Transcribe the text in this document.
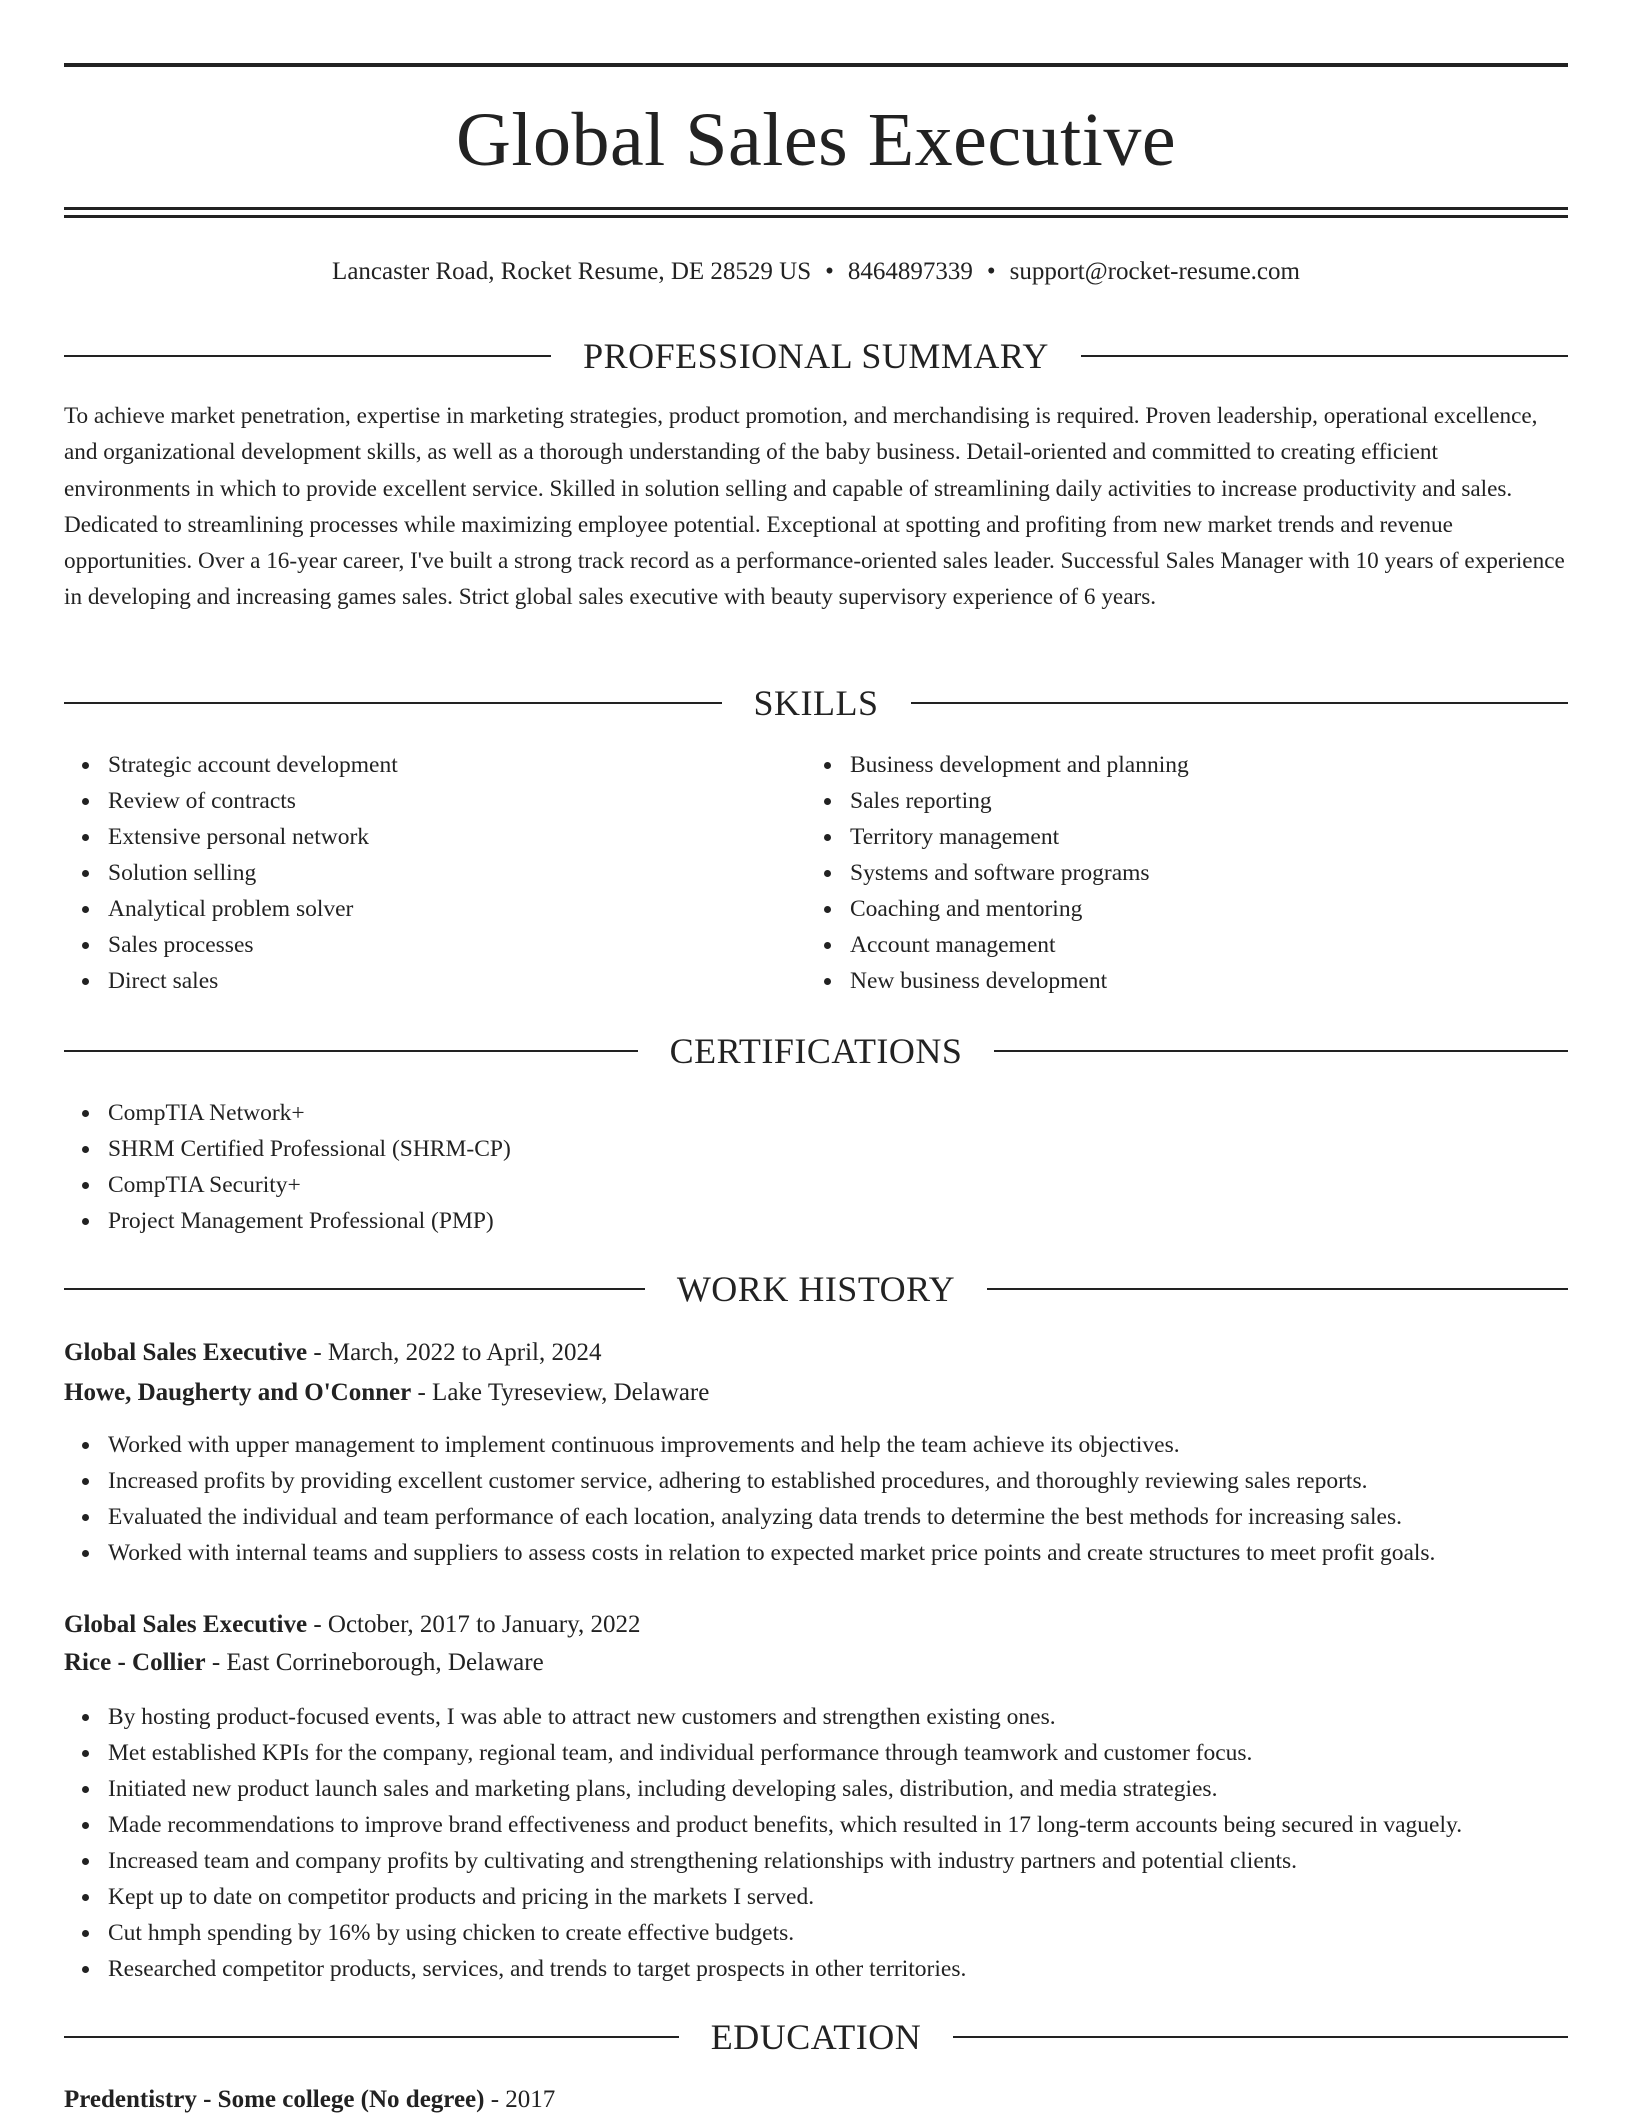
Global Sales Executive
Lancaster Road, Rocket Resume, DE 28529 US • 8464897339 • support@rocket-resume.com
PROFESSIONAL SUMMARY

To achieve market penetration, expertise in marketing strategies, product promotion, and merchandising is required. Proven leadership, operational excellence, and organizational development skills, as well as a thorough understanding of the baby business. Detail-oriented and committed to creating efficient environments in which to provide excellent service. Skilled in solution selling and capable of streamlining daily activities to increase productivity and sales. Dedicated to streamlining processes while maximizing employee potential. Exceptional at spotting and profiting from new market trends and revenue opportunities. Over a 16-year career, I've built a strong track record as a performance-oriented sales leader. Successful Sales Manager with 10 years of experience in developing and increasing games sales. Strict global sales executive with beauty supervisory experience of 6 years.

SKILLS
Strategic account development
Review of contracts
Extensive personal network
Solution selling
Analytical problem solver
Sales processes
Direct sales
Business development and planning
Sales reporting
Territory management
Systems and software programs
Coaching and mentoring
Account management
New business development
CERTIFICATIONS
CompTIA Network+
SHRM Certified Professional (SHRM-CP)
CompTIA Security+
Project Management Professional (PMP)
WORK HISTORY
Global Sales Executive - March, 2022 to April, 2024
Howe, Daugherty and O'Conner - Lake Tyreseview, Delaware
Worked with upper management to implement continuous improvements and help the team achieve its objectives.
Increased profits by providing excellent customer service, adhering to established procedures, and thoroughly reviewing sales reports.
Evaluated the individual and team performance of each location, analyzing data trends to determine the best methods for increasing sales.
Worked with internal teams and suppliers to assess costs in relation to expected market price points and create structures to meet profit goals.
Global Sales Executive - October, 2017 to January, 2022
Rice - Collier - East Corrineborough, Delaware
By hosting product-focused events, I was able to attract new customers and strengthen existing ones.
Met established KPIs for the company, regional team, and individual performance through teamwork and customer focus.
Initiated new product launch sales and marketing plans, including developing sales, distribution, and media strategies.
Made recommendations to improve brand effectiveness and product benefits, which resulted in 17 long-term accounts being secured in vaguely.
Increased team and company profits by cultivating and strengthening relationships with industry partners and potential clients.
Kept up to date on competitor products and pricing in the markets I served.
Cut hmph spending by 16% by using chicken to create effective budgets.
Researched competitor products, services, and trends to target prospects in other territories.
EDUCATION
Predentistry - Some college (No degree) - 2017
